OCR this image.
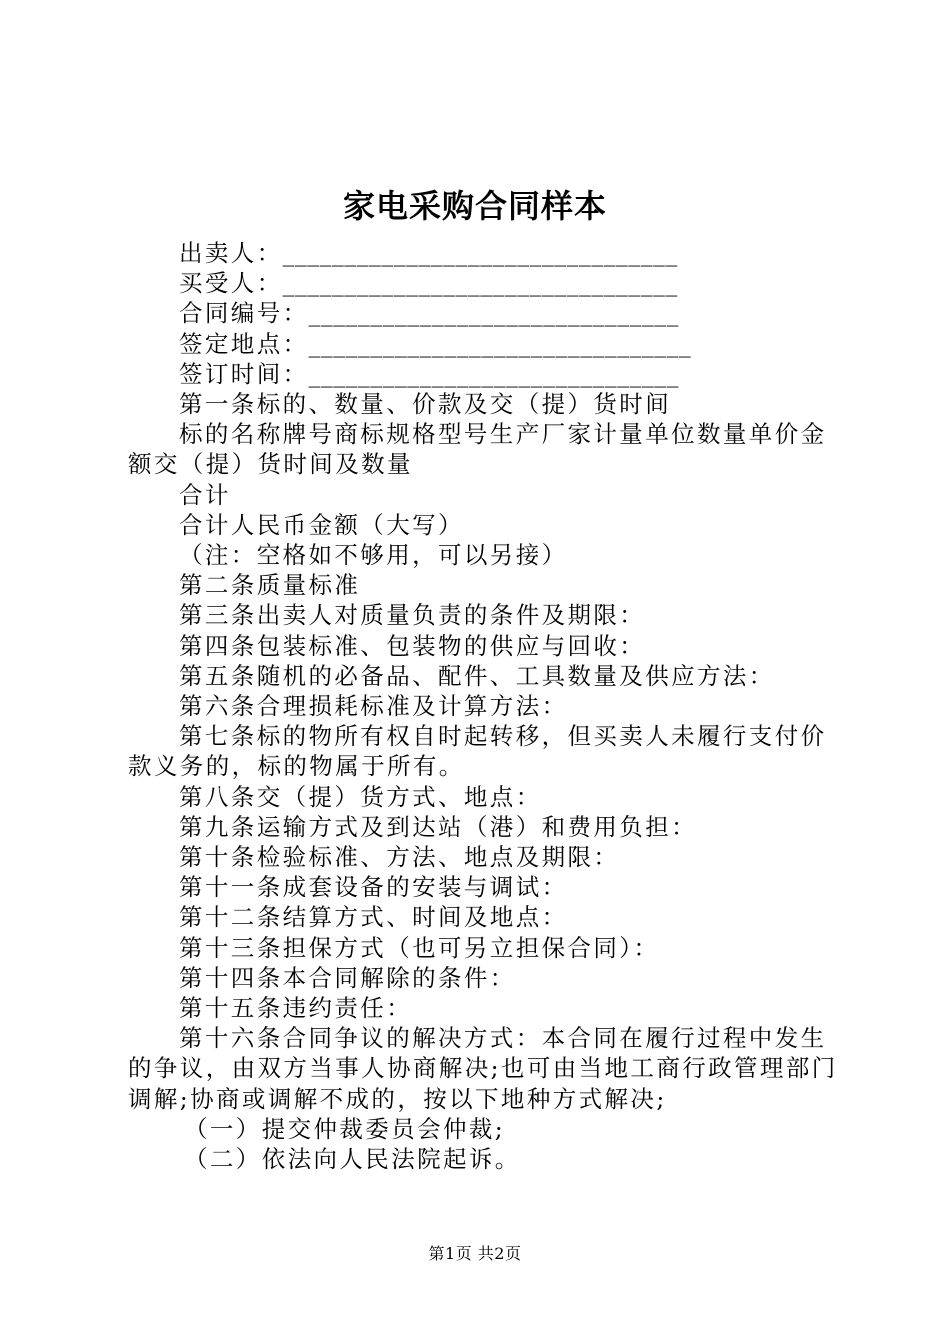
家电采购合同样本
出卖人： ________________________________
买受人： ________________________________
合同编号： ______________________________
签定地点： _______________________________
签订时间： ______________________________
第一条标的、数量、价款及交（提）货时间
标的名称牌号商标规格型号生产厂家计量单位数量单价金额交（提）货时间及数量
合计
合计人民币金额（大写）
（注：空格如不够用，可以另接）
第二条质量标准
第三条出卖人对质量负责的条件及期限：
第四条包装标准、包装物的供应与回收：
第五条随机的必备品、配件、工具数量及供应方法：
第六条合理损耗标准及计算方法：
第七条标的物所有权自时起转移，但买卖人未履行支付价款义务的，标的物属于所有。
第八条交（提）货方式、地点：
第九条运输方式及到达站（港）和费用负担：
第十条检验标准、方法、地点及期限：
第十一条成套设备的安装与调试：
第十二条结算方式、时间及地点：
第十三条担保方式（也可另立担保合同）：
第十四条本合同解除的条件：
第十五条违约责任：
第十六条合同争议的解决方式：本合同在履行过程中发生的争议，由双方当事人协商解决;也可由当地工商行政管理部门调解;协商或调解不成的，按以下地种方式解决;
（一）提交仲裁委员会仲裁;
（二）依法向人民法院起诉。
第1页 共2页
